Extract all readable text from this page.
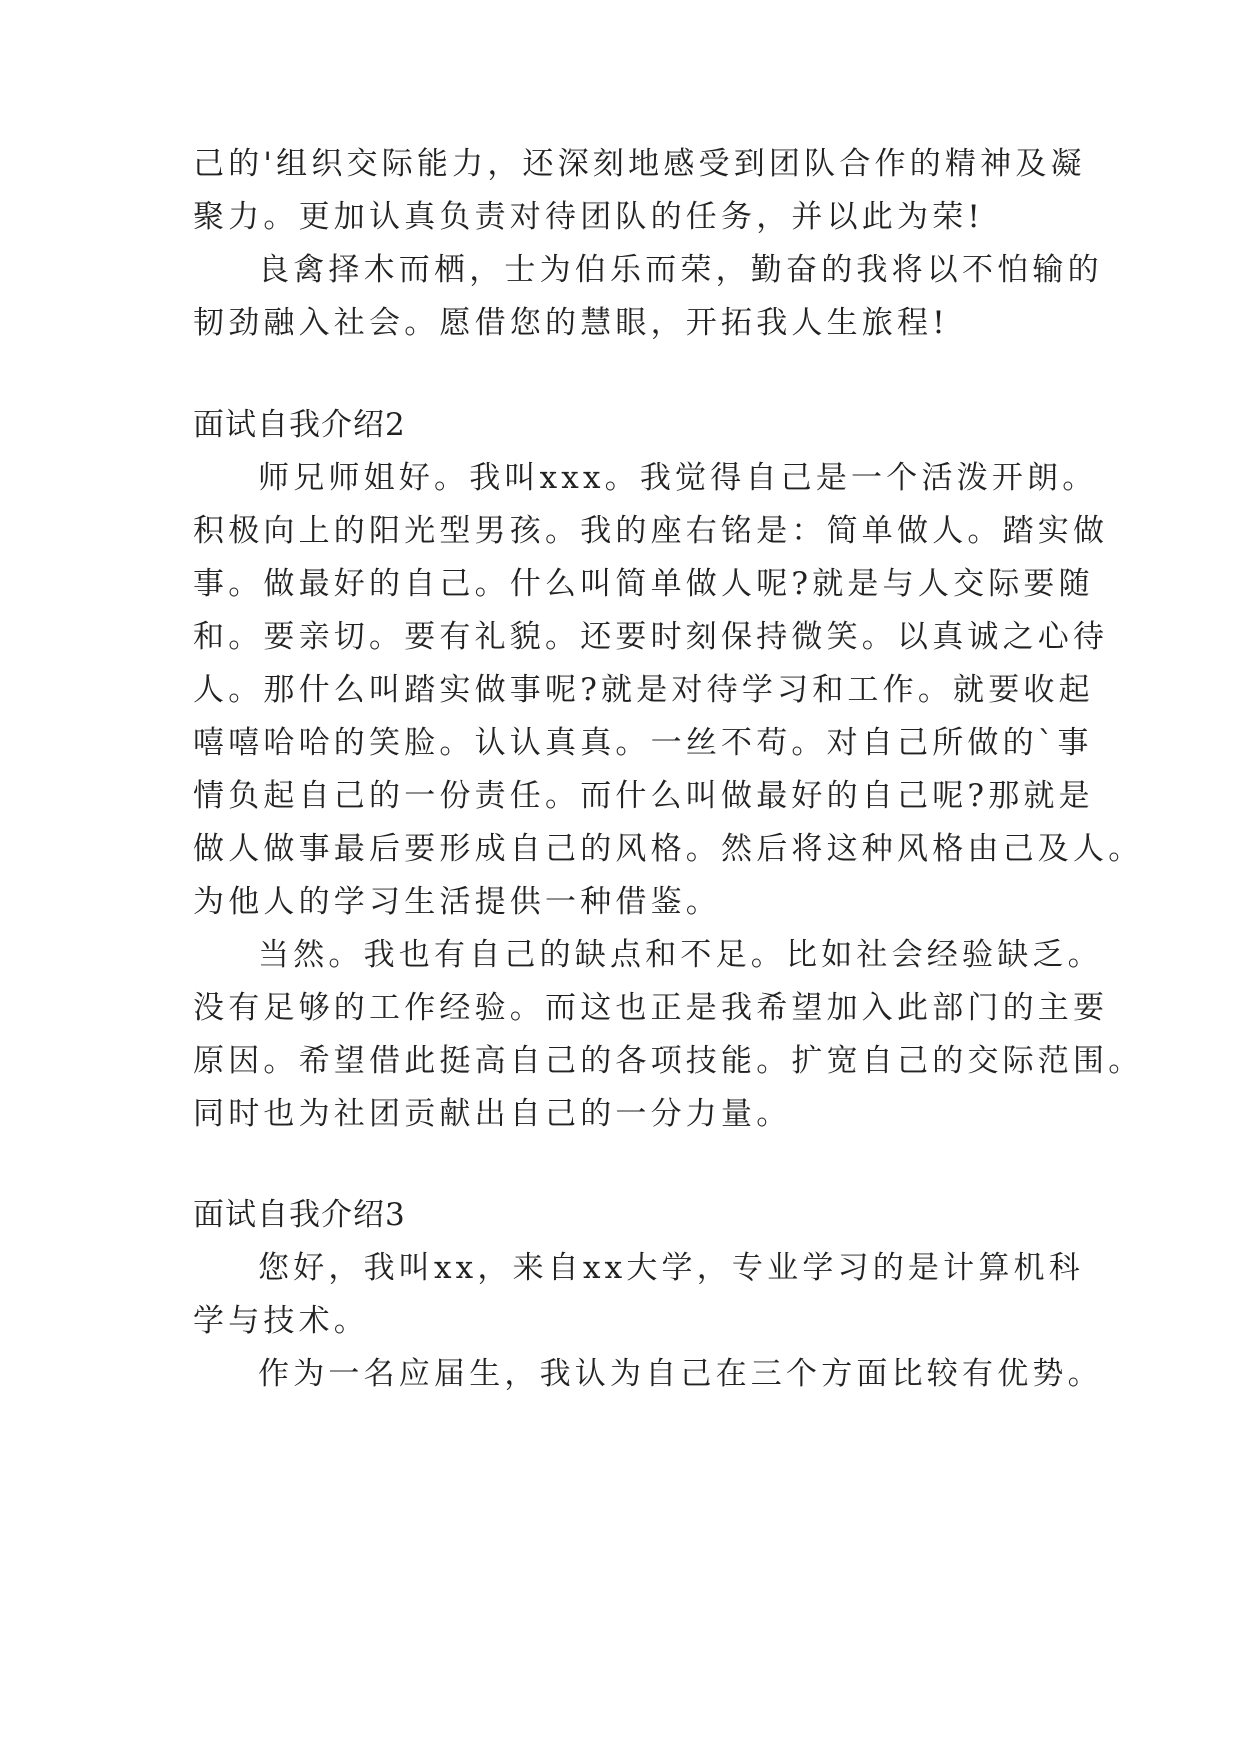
己的'组织交际能力，还深刻地感受到团队合作的精神及凝
聚力。更加认真负责对待团队的任务，并以此为荣!
良禽择木而栖，士为伯乐而荣，勤奋的我将以不怕输的
韧劲融入社会。愿借您的慧眼，开拓我人生旅程!
面试自我介绍2
师兄师姐好。我叫xxx。我觉得自己是一个活泼开朗。
积极向上的阳光型男孩。我的座右铭是：简单做人。踏实做
事。做最好的自己。什么叫简单做人呢?就是与人交际要随
和。要亲切。要有礼貌。还要时刻保持微笑。以真诚之心待
人。那什么叫踏实做事呢?就是对待学习和工作。就要收起
嘻嘻哈哈的笑脸。认认真真。一丝不苟。对自己所做的`事
情负起自己的一份责任。而什么叫做最好的自己呢?那就是
做人做事最后要形成自己的风格。然后将这种风格由己及人。
为他人的学习生活提供一种借鉴。
当然。我也有自己的缺点和不足。比如社会经验缺乏。
没有足够的工作经验。而这也正是我希望加入此部门的主要
原因。希望借此挺高自己的各项技能。扩宽自己的交际范围。
同时也为社团贡献出自己的一分力量。
面试自我介绍3
您好，我叫xx，来自xx大学，专业学习的是计算机科
学与技术。
作为一名应届生，我认为自己在三个方面比较有优势。
